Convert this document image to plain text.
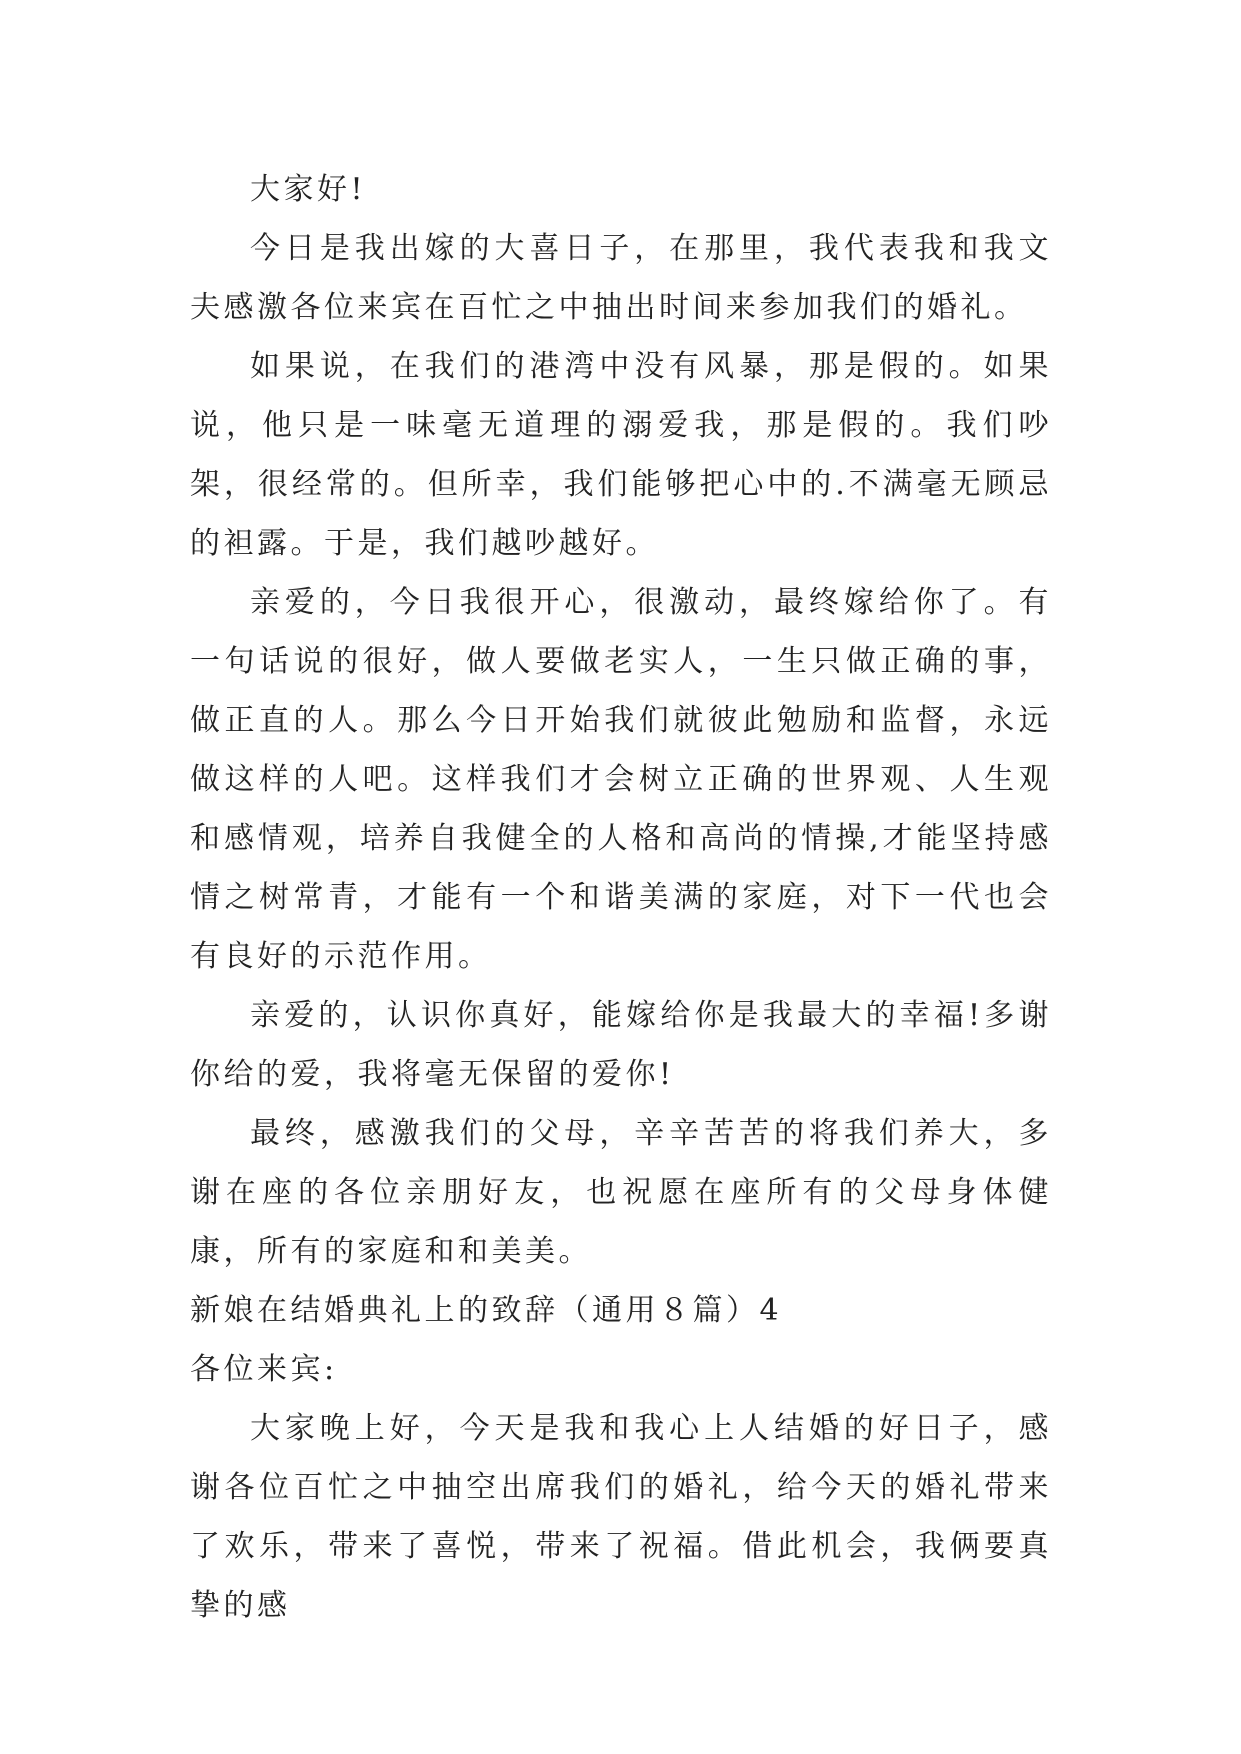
大家好!

今日是我出嫁的大喜日子，在那里，我代表我和我文夫感激各位来宾在百忙之中抽出时间来参加我们的婚礼。

如果说，在我们的港湾中没有风暴，那是假的。如果说，他只是一味毫无道理的溺爱我，那是假的。我们吵架，很经常的。但所幸，我们能够把心中的.不满毫无顾忌的袒露。于是，我们越吵越好。

亲爱的，今日我很开心，很激动，最终嫁给你了。有一句话说的很好，做人要做老实人，一生只做正确的事，做正直的人。那么今日开始我们就彼此勉励和监督，永远做这样的人吧。这样我们才会树立正确的世界观、人生观和感情观，培养自我健全的人格和高尚的情操,才能坚持感情之树常青，才能有一个和谐美满的家庭，对下一代也会有良好的示范作用。

亲爱的，认识你真好，能嫁给你是我最大的幸福!多谢你给的爱，我将毫无保留的爱你!

最终，感激我们的父母，辛辛苦苦的将我们养大，多谢在座的各位亲朋好友，也祝愿在座所有的父母身体健康，所有的家庭和和美美。

新娘在结婚典礼上的致辞（通用８篇）4

各位来宾:

大家晚上好，今天是我和我心上人结婚的好日子，感谢各位百忙之中抽空出席我们的婚礼，给今天的婚礼带来了欢乐，带来了喜悦，带来了祝福。借此机会，我俩要真挚的感
